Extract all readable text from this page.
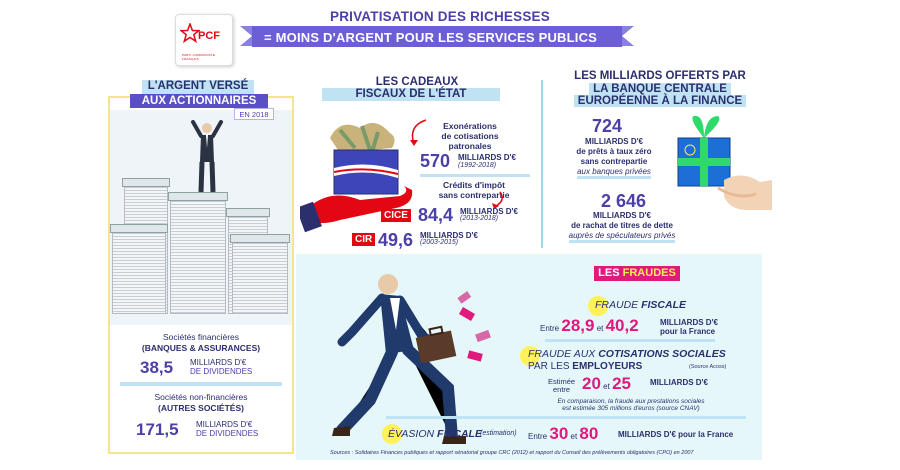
PCF
PARTI COMMUNISTE FRANÇAIS
PRIVATISATION DES RICHESSES
= MOINS D'ARGENT POUR LES SERVICES PUBLICS
L'ARGENT VERSÉ
AUX ACTIONNAIRES
EN 2018
Sociétés financières
(BANQUES & ASSURANCES)
38,5 MILLIARDS D'€
DE DIVIDENDES
Sociétés non-financières
(AUTRES SOCIÉTÉS)
171,5 MILLIARDS D'€
DE DIVIDENDES
LES CADEAUX
FISCAUX DE L'ÉTAT
Exonérations
de cotisations
patronales
570 MILLIARDS D'€
(1992-2018)
Crédits d'impôt
sans contrepartie
CICE 84,4 MILLIARDS D'€
(2013-2018)
CIR 49,6 MILLIARDS D'€
(2003-2015)
LES MILLIARDS OFFERTS PAR
LA BANQUE CENTRALE
EUROPÉENNE À LA FINANCE
724
MILLIARDS D'€
de prêts à taux zéro
sans contrepartie
aux banques privées
2 646
MILLIARDS D'€
de rachat de titres de dette
auprès de spéculateurs privés
LES FRAUDES
FRAUDE FISCALE
Entre 28,9 et 40,2	MILLIARDS D'€
pour la France
FRAUDE AUX COTISATIONS SOCIALES
PAR LES EMPLOYEURS	(Source Acoss)
Estimée
entre 20 et 25 MILLIARDS D'€
En comparaison, la fraude aux prestations sociales
est estimée 305 millions d'euros (source CNAV)
ÉVASION FISCALE
(estimation) Entre 30 et 80 MILLIARDS D'€ pour la France
Sources : Solidaires Finances publiques et rapport sénatorial groupe CRC (2012) et rapport du Conseil des prélèvements obligatoires (CPO) en 2007
